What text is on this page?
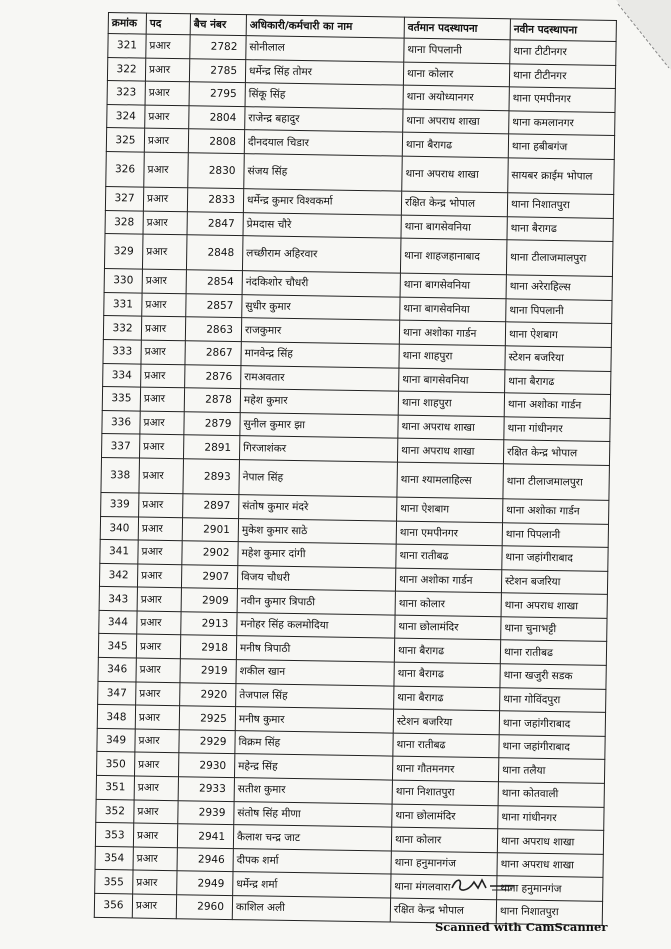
क्रमांक	पद	बैच नंबर	अधिकारी/कर्मचारी का नाम	वर्तमान पदस्थापना	नवीन पदस्थापना
321	प्रआर	2782	सोनीलाल	थाना पिपलानी	थाना टीटीनगर
322	प्रआर	2785	धर्मेन्द्र सिंह तोमर	थाना कोलार	थाना टीटीनगर
323	प्रआर	2795	सिंकू सिंह	थाना अयोध्यानगर	थाना एमपीनगर
324	प्रआर	2804	राजेन्द्र बहादुर	थाना अपराध शाखा	थाना कमलानगर
325	प्रआर	2808	दीनदयाल चिडार	थाना बैरागढ	थाना हबीबगंज
326	प्रआर	2830	संजय सिंह	थाना अपराध शाखा	सायबर क्राईम भोपाल
327	प्रआर	2833	धर्मेन्द्र कुमार विश्वकर्मा	रक्षित केन्द्र भोपाल	थाना निशातपुरा
328	प्रआर	2847	प्रेमदास चौरे	थाना बागसेवनिया	थाना बैरागढ
329	प्रआर	2848	लच्छीराम अहिरवार	थाना शाहजहानाबाद	थाना टीलाजमालपुरा
330	प्रआर	2854	नंदकिशोर चौधरी	थाना बागसेवनिया	थाना अरेराहिल्स
331	प्रआर	2857	सुधीर कुमार	थाना बागसेवनिया	थाना पिपलानी
332	प्रआर	2863	राजकुमार	थाना अशोका गार्डन	थाना ऐशबाग
333	प्रआर	2867	मानवेन्द्र सिंह	थाना शाहपुरा	स्टेशन बजरिया
334	प्रआर	2876	रामअवतार	थाना बागसेवनिया	थाना बैरागढ
335	प्रआर	2878	महेश कुमार	थाना शाहपुरा	थाना अशोका गार्डन
336	प्रआर	2879	सुनील कुमार झा	थाना अपराध शाखा	थाना गांधीनगर
337	प्रआर	2891	गिरजाशंकर	थाना अपराध शाखा	रक्षित केन्द्र भोपाल
338	प्रआर	2893	नेपाल सिंह	थाना श्यामलाहिल्स	थाना टीलाजमालपुरा
339	प्रआर	2897	संतोष कुमार मंदरे	थाना ऐशबाग	थाना अशोका गार्डन
340	प्रआर	2901	मुकेश कुमार साठे	थाना एमपीनगर	थाना पिपलानी
341	प्रआर	2902	महेश कुमार दांगी	थाना रातीबढ	थाना जहांगीराबाद
342	प्रआर	2907	विजय चौधरी	थाना अशोका गार्डन	स्टेशन बजरिया
343	प्रआर	2909	नवीन कुमार त्रिपाठी	थाना कोलार	थाना अपराध शाखा
344	प्रआर	2913	मनोहर सिंह कलमोदिया	थाना छोलामंदिर	थाना चुनाभट्टी
345	प्रआर	2918	मनीष त्रिपाठी	थाना बैरागढ	थाना रातीबढ
346	प्रआर	2919	शकील खान	थाना बैरागढ	थाना खजुरी सडक
347	प्रआर	2920	तेजपाल सिंह	थाना बैरागढ	थाना गोविंदपुरा
348	प्रआर	2925	मनीष कुमार	स्टेशन बजरिया	थाना जहांगीराबाद
349	प्रआर	2929	विक्रम सिंह	थाना रातीबढ	थाना जहांगीराबाद
350	प्रआर	2930	महेन्द्र सिंह	थाना गौतमनगर	थाना तलैया
351	प्रआर	2933	सतीश कुमार	थाना निशातपुरा	थाना कोतवाली
352	प्रआर	2939	संतोष सिंह मीणा	थाना छोलामंदिर	थाना गांधीनगर
353	प्रआर	2941	कैलाश चन्द्र जाट	थाना कोलार	थाना अपराध शाखा
354	प्रआर	2946	दीपक शर्मा	थाना हनुमानगंज	थाना अपराध शाखा
355	प्रआर	2949	धर्मेन्द्र शर्मा	थाना मंगलवारा	थाना हनुमानगंज
356	प्रआर	2960	काशिल अली	रक्षित केन्द्र भोपाल	थाना निशातपुरा
Scanned with CamScanner
